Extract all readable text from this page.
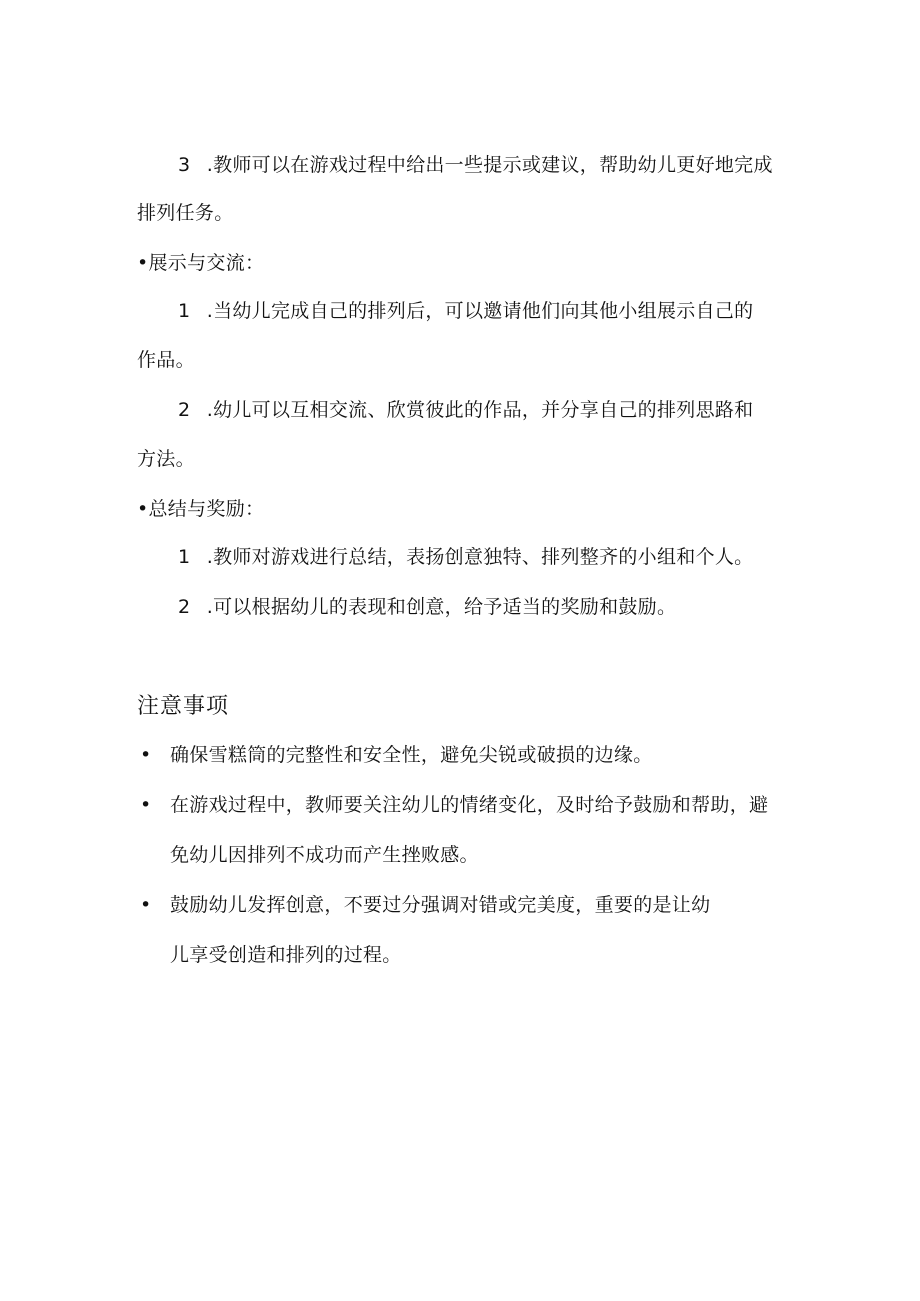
3 .教师可以在游戏过程中给出一些提示或建议，帮助幼儿更好地完成
排列任务。
•展示与交流：
1 .当幼儿完成自己的排列后，可以邀请他们向其他小组展示自己的
作品。
2 .幼儿可以互相交流、欣赏彼此的作品，并分享自己的排列思路和
方法。
•总结与奖励：
1 .教师对游戏进行总结，表扬创意独特、排列整齐的小组和个人。
2 .可以根据幼儿的表现和创意，给予适当的奖励和鼓励。
注意事项
• 确保雪糕筒的完整性和安全性，避免尖锐或破损的边缘。
• 在游戏过程中，教师要关注幼儿的情绪变化，及时给予鼓励和帮助，避
免幼儿因排列不成功而产生挫败感。
• 鼓励幼儿发挥创意，不要过分强调对错或完美度，重要的是让幼
儿享受创造和排列的过程。
